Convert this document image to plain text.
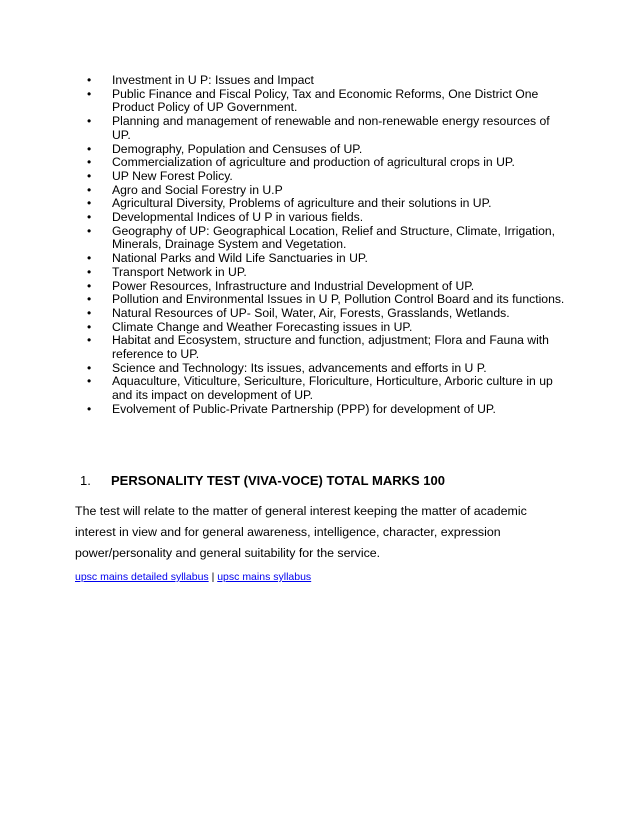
• Investment in U P: Issues and Impact
• Public Finance and Fiscal Policy, Tax and Economic Reforms, One District One Product Policy of UP Government.
• Planning and management of renewable and non-renewable energy resources of UP.
• Demography, Population and Censuses of UP.
• Commercialization of agriculture and production of agricultural crops in UP.
• UP New Forest Policy.
• Agro and Social Forestry in U.P
• Agricultural Diversity, Problems of agriculture and their solutions in UP.
• Developmental Indices of U P in various fields.
• Geography of UP: Geographical Location, Relief and Structure, Climate, Irrigation, Minerals, Drainage System and Vegetation.
• National Parks and Wild Life Sanctuaries in UP.
• Transport Network in UP.
• Power Resources, Infrastructure and Industrial Development of UP.
• Pollution and Environmental Issues in U P, Pollution Control Board and its functions.
• Natural Resources of UP- Soil, Water, Air, Forests, Grasslands, Wetlands.
• Climate Change and Weather Forecasting issues in UP.
• Habitat and Ecosystem, structure and function, adjustment; Flora and Fauna with reference to UP.
• Science and Technology: Its issues, advancements and efforts in U P.
• Aquaculture, Viticulture, Sericulture, Floriculture, Horticulture, Arboric culture in up and its impact on development of UP.
• Evolvement of Public-Private Partnership (PPP) for development of UP.
1. PERSONALITY TEST (VIVA-VOCE) TOTAL MARKS 100

The test will relate to the matter of general interest keeping the matter of academic interest in view and for general awareness, intelligence, character, expression power/personality and general suitability for the service.

upsc mains detailed syllabus | upsc mains syllabus
